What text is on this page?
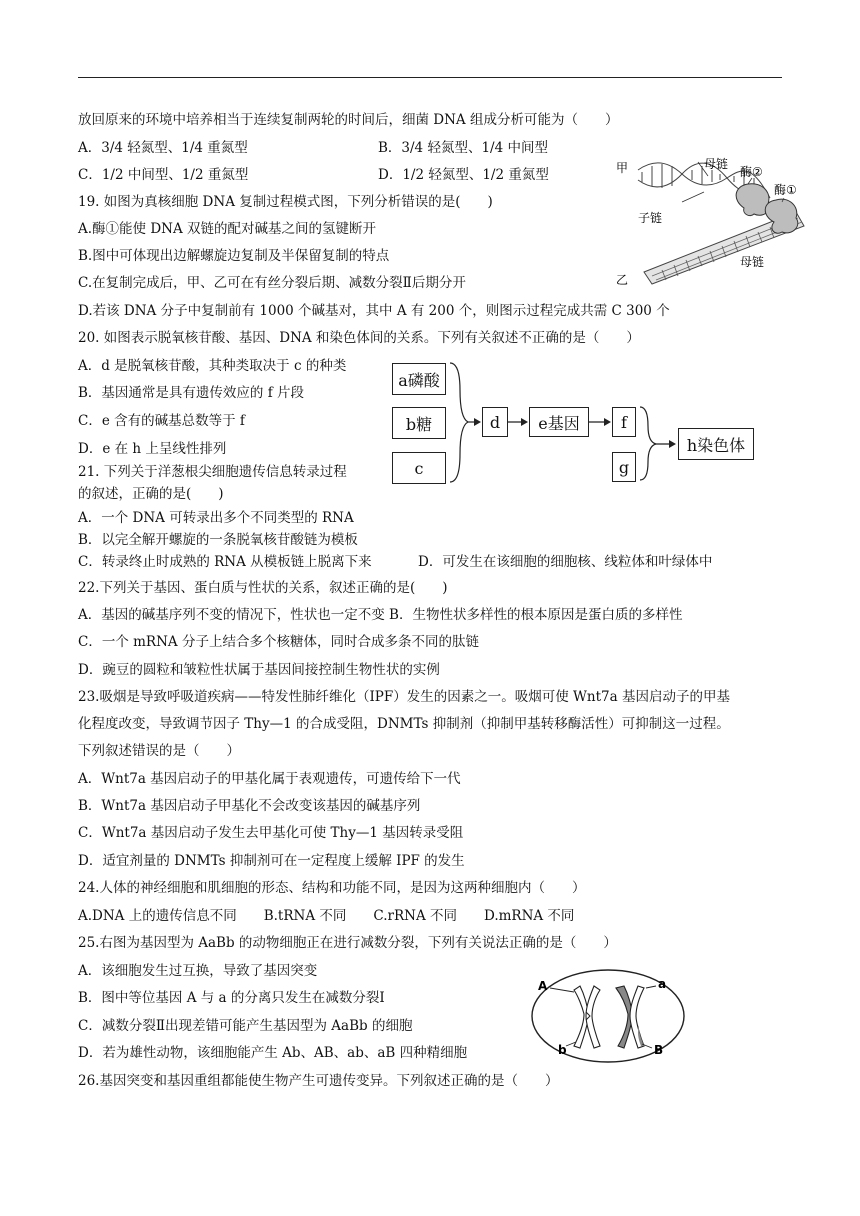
放回原来的环境中培养相当于连续复制两轮的时间后，细菌 DNA 组成分析可能为（　　）
A．3/4 轻氮型、1/4 重氮型	B．3/4 轻氮型、1/4 中间型
C．1/2 中间型、1/2 重氮型	D．1/2 轻氮型、1/2 重氮型
19. 如图为真核细胞 DNA 复制过程模式图，下列分析错误的是(　　)
A.酶①能使 DNA 双链的配对碱基之间的氢键断开
B.图中可体现出边解螺旋边复制及半保留复制的特点
C.在复制完成后，甲、乙可在有丝分裂后期、减数分裂Ⅱ后期分开
D.若该 DNA 分子中复制前有 1000 个碱基对，其中 A 有 200 个，则图示过程完成共需 C 300 个
20. 如图表示脱氧核苷酸、基因、DNA 和染色体间的关系。下列有关叙述不正确的是（　　）
A．d 是脱氧核苷酸，其种类取决于 c 的种类
B．基因通常是具有遗传效应的 f 片段
C．e 含有的碱基总数等于 f
D．e 在 h 上呈线性排列
21. 下列关于洋葱根尖细胞遗传信息转录过程
的叙述，正确的是(　　)
A．一个 DNA 可转录出多个不同类型的 RNA
B．以完全解开螺旋的一条脱氧核苷酸链为模板
C．转录终止时成熟的 RNA 从模板链上脱离下来	D．可发生在该细胞的细胞核、线粒体和叶绿体中
22.下列关于基因、蛋白质与性状的关系，叙述正确的是(　　)
A．基因的碱基序列不变的情况下，性状也一定不变 B．生物性状多样性的根本原因是蛋白质的多样性
C．一个 mRNA 分子上结合多个核糖体，同时合成多条不同的肽链
D．豌豆的圆粒和皱粒性状属于基因间接控制生物性状的实例
23.吸烟是导致呼吸道疾病——特发性肺纤维化（IPF）发生的因素之一。吸烟可使 Wnt7a 基因启动子的甲基
化程度改变，导致调节因子 Thy—1 的合成受阻，DNMTs 抑制剂（抑制甲基转移酶活性）可抑制这一过程。
下列叙述错误的是（　　）
A．Wnt7a 基因启动子的甲基化属于表观遗传，可遗传给下一代
B．Wnt7a 基因启动子甲基化不会改变该基因的碱基序列
C．Wnt7a 基因启动子发生去甲基化可使 Thy—1 基因转录受阻
D．适宜剂量的 DNMTs 抑制剂可在一定程度上缓解 IPF 的发生
24.人体的神经细胞和肌细胞的形态、结构和功能不同，是因为这两种细胞内（　　）
A.DNA 上的遗传信息不同　　B.tRNA 不同　　C.rRNA 不同　　D.mRNA 不同
25.右图为基因型为 AaBb 的动物细胞正在进行减数分裂，下列有关说法正确的是（　　）
A．该细胞发生过互换，导致了基因突变
B．图中等位基因 A 与 a 的分离只发生在减数分裂Ⅰ
C．减数分裂Ⅱ出现差错可能产生基因型为 AaBb 的细胞
D．若为雄性动物，该细胞能产生 Ab、AB、ab、aB 四种精细胞
26.基因突变和基因重组都能使生物产生可遗传变异。下列叙述正确的是（　　）
甲
乙
母链
母链
子链
酶②
酶①
a磷酸
b糖
c
d	e基因	f
g
h染色体
A	a
b	B
